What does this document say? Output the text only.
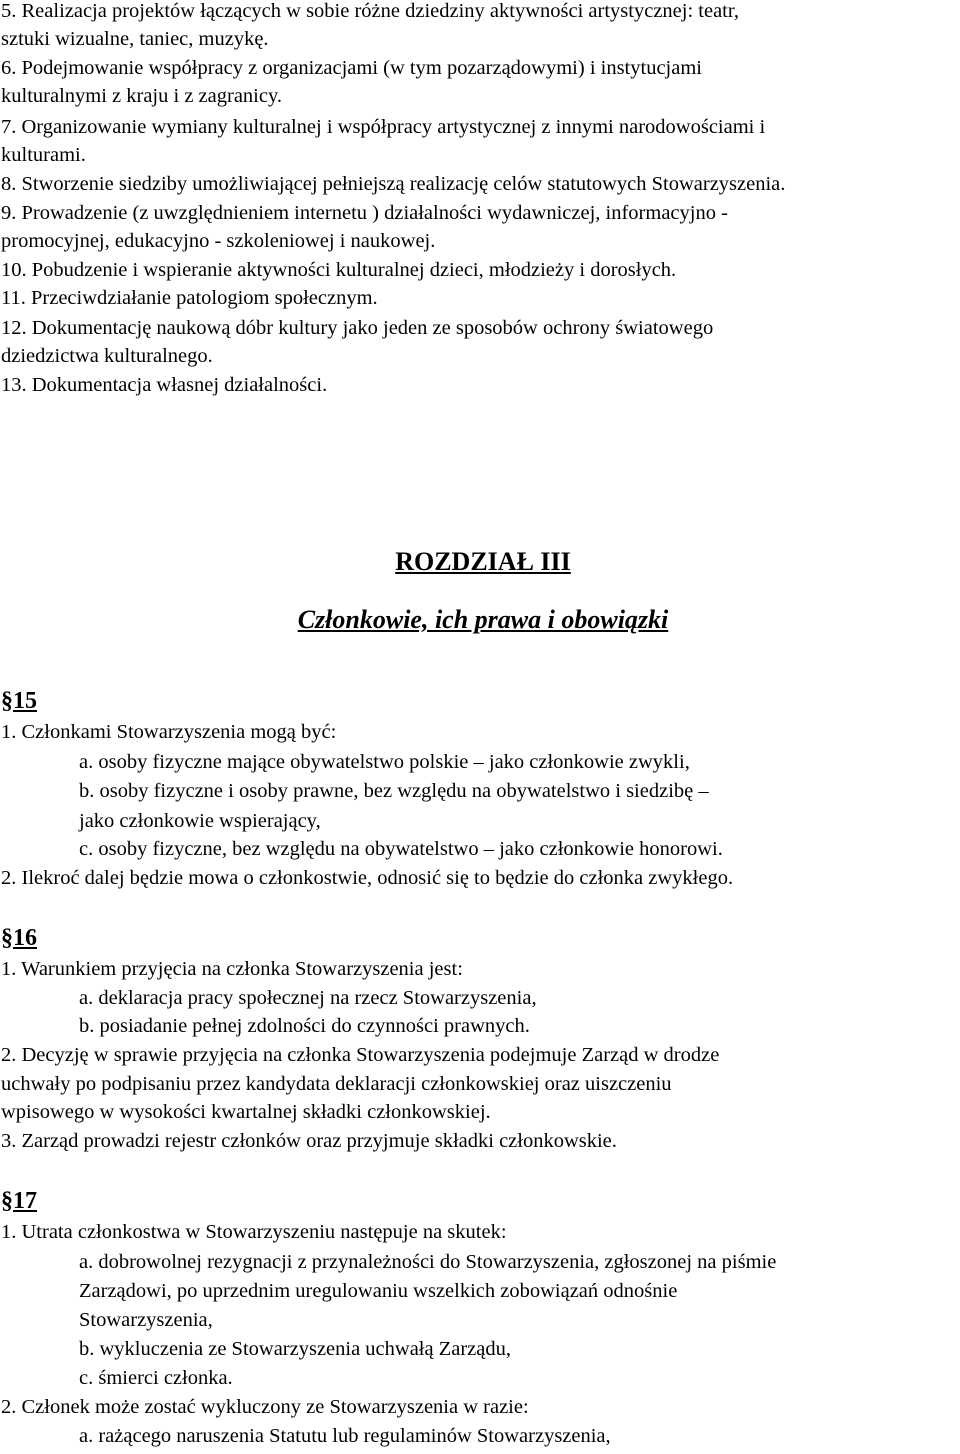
5. Realizacja projektów łączących w sobie różne dziedziny aktywności artystycznej: teatr,

sztuki wizualne, taniec, muzykę.

6. Podejmowanie współpracy z organizacjami (w tym pozarządowymi) i instytucjami

kulturalnymi z kraju i z zagranicy.

7. Organizowanie wymiany kulturalnej i współpracy artystycznej z innymi narodowościami i

kulturami.

8. Stworzenie siedziby umożliwiającej pełniejszą realizację celów statutowych Stowarzyszenia.

9. Prowadzenie (z uwzględnieniem internetu ) działalności wydawniczej, informacyjno -

promocyjnej, edukacyjno - szkoleniowej i naukowej.

10. Pobudzenie i wspieranie aktywności kulturalnej dzieci, młodzieży i dorosłych.

11. Przeciwdziałanie patologiom społecznym.

12. Dokumentację naukową dóbr kultury jako jeden ze sposobów ochrony światowego

dziedzictwa kulturalnego.

13. Dokumentacja własnej działalności.

ROZDZIAŁ III
Członkowie, ich prawa i obowiązki

§15

1. Członkami Stowarzyszenia mogą być:

a. osoby fizyczne mające obywatelstwo polskie – jako członkowie zwykli,

b. osoby fizyczne i osoby prawne, bez względu na obywatelstwo i siedzibę –

jako członkowie wspierający,

c. osoby fizyczne, bez względu na obywatelstwo – jako członkowie honorowi.

2. Ilekroć dalej będzie mowa o członkostwie, odnosić się to będzie do członka zwykłego.

§16

1. Warunkiem przyjęcia na członka Stowarzyszenia jest:

a. deklaracja pracy społecznej na rzecz Stowarzyszenia,

b. posiadanie pełnej zdolności do czynności prawnych.

2. Decyzję w sprawie przyjęcia na członka Stowarzyszenia podejmuje Zarząd w drodze

uchwały po podpisaniu przez kandydata deklaracji członkowskiej oraz uiszczeniu

wpisowego w wysokości kwartalnej składki członkowskiej.

3. Zarząd prowadzi rejestr członków oraz przyjmuje składki członkowskie.

§17

1. Utrata członkostwa w Stowarzyszeniu następuje na skutek:

a. dobrowolnej rezygnacji z przynależności do Stowarzyszenia, zgłoszonej na piśmie

Zarządowi, po uprzednim uregulowaniu wszelkich zobowiązań odnośnie

Stowarzyszenia,

b. wykluczenia ze Stowarzyszenia uchwałą Zarządu,

c. śmierci członka.

2. Członek może zostać wykluczony ze Stowarzyszenia w razie:

a. rażącego naruszenia Statutu lub regulaminów Stowarzyszenia,
